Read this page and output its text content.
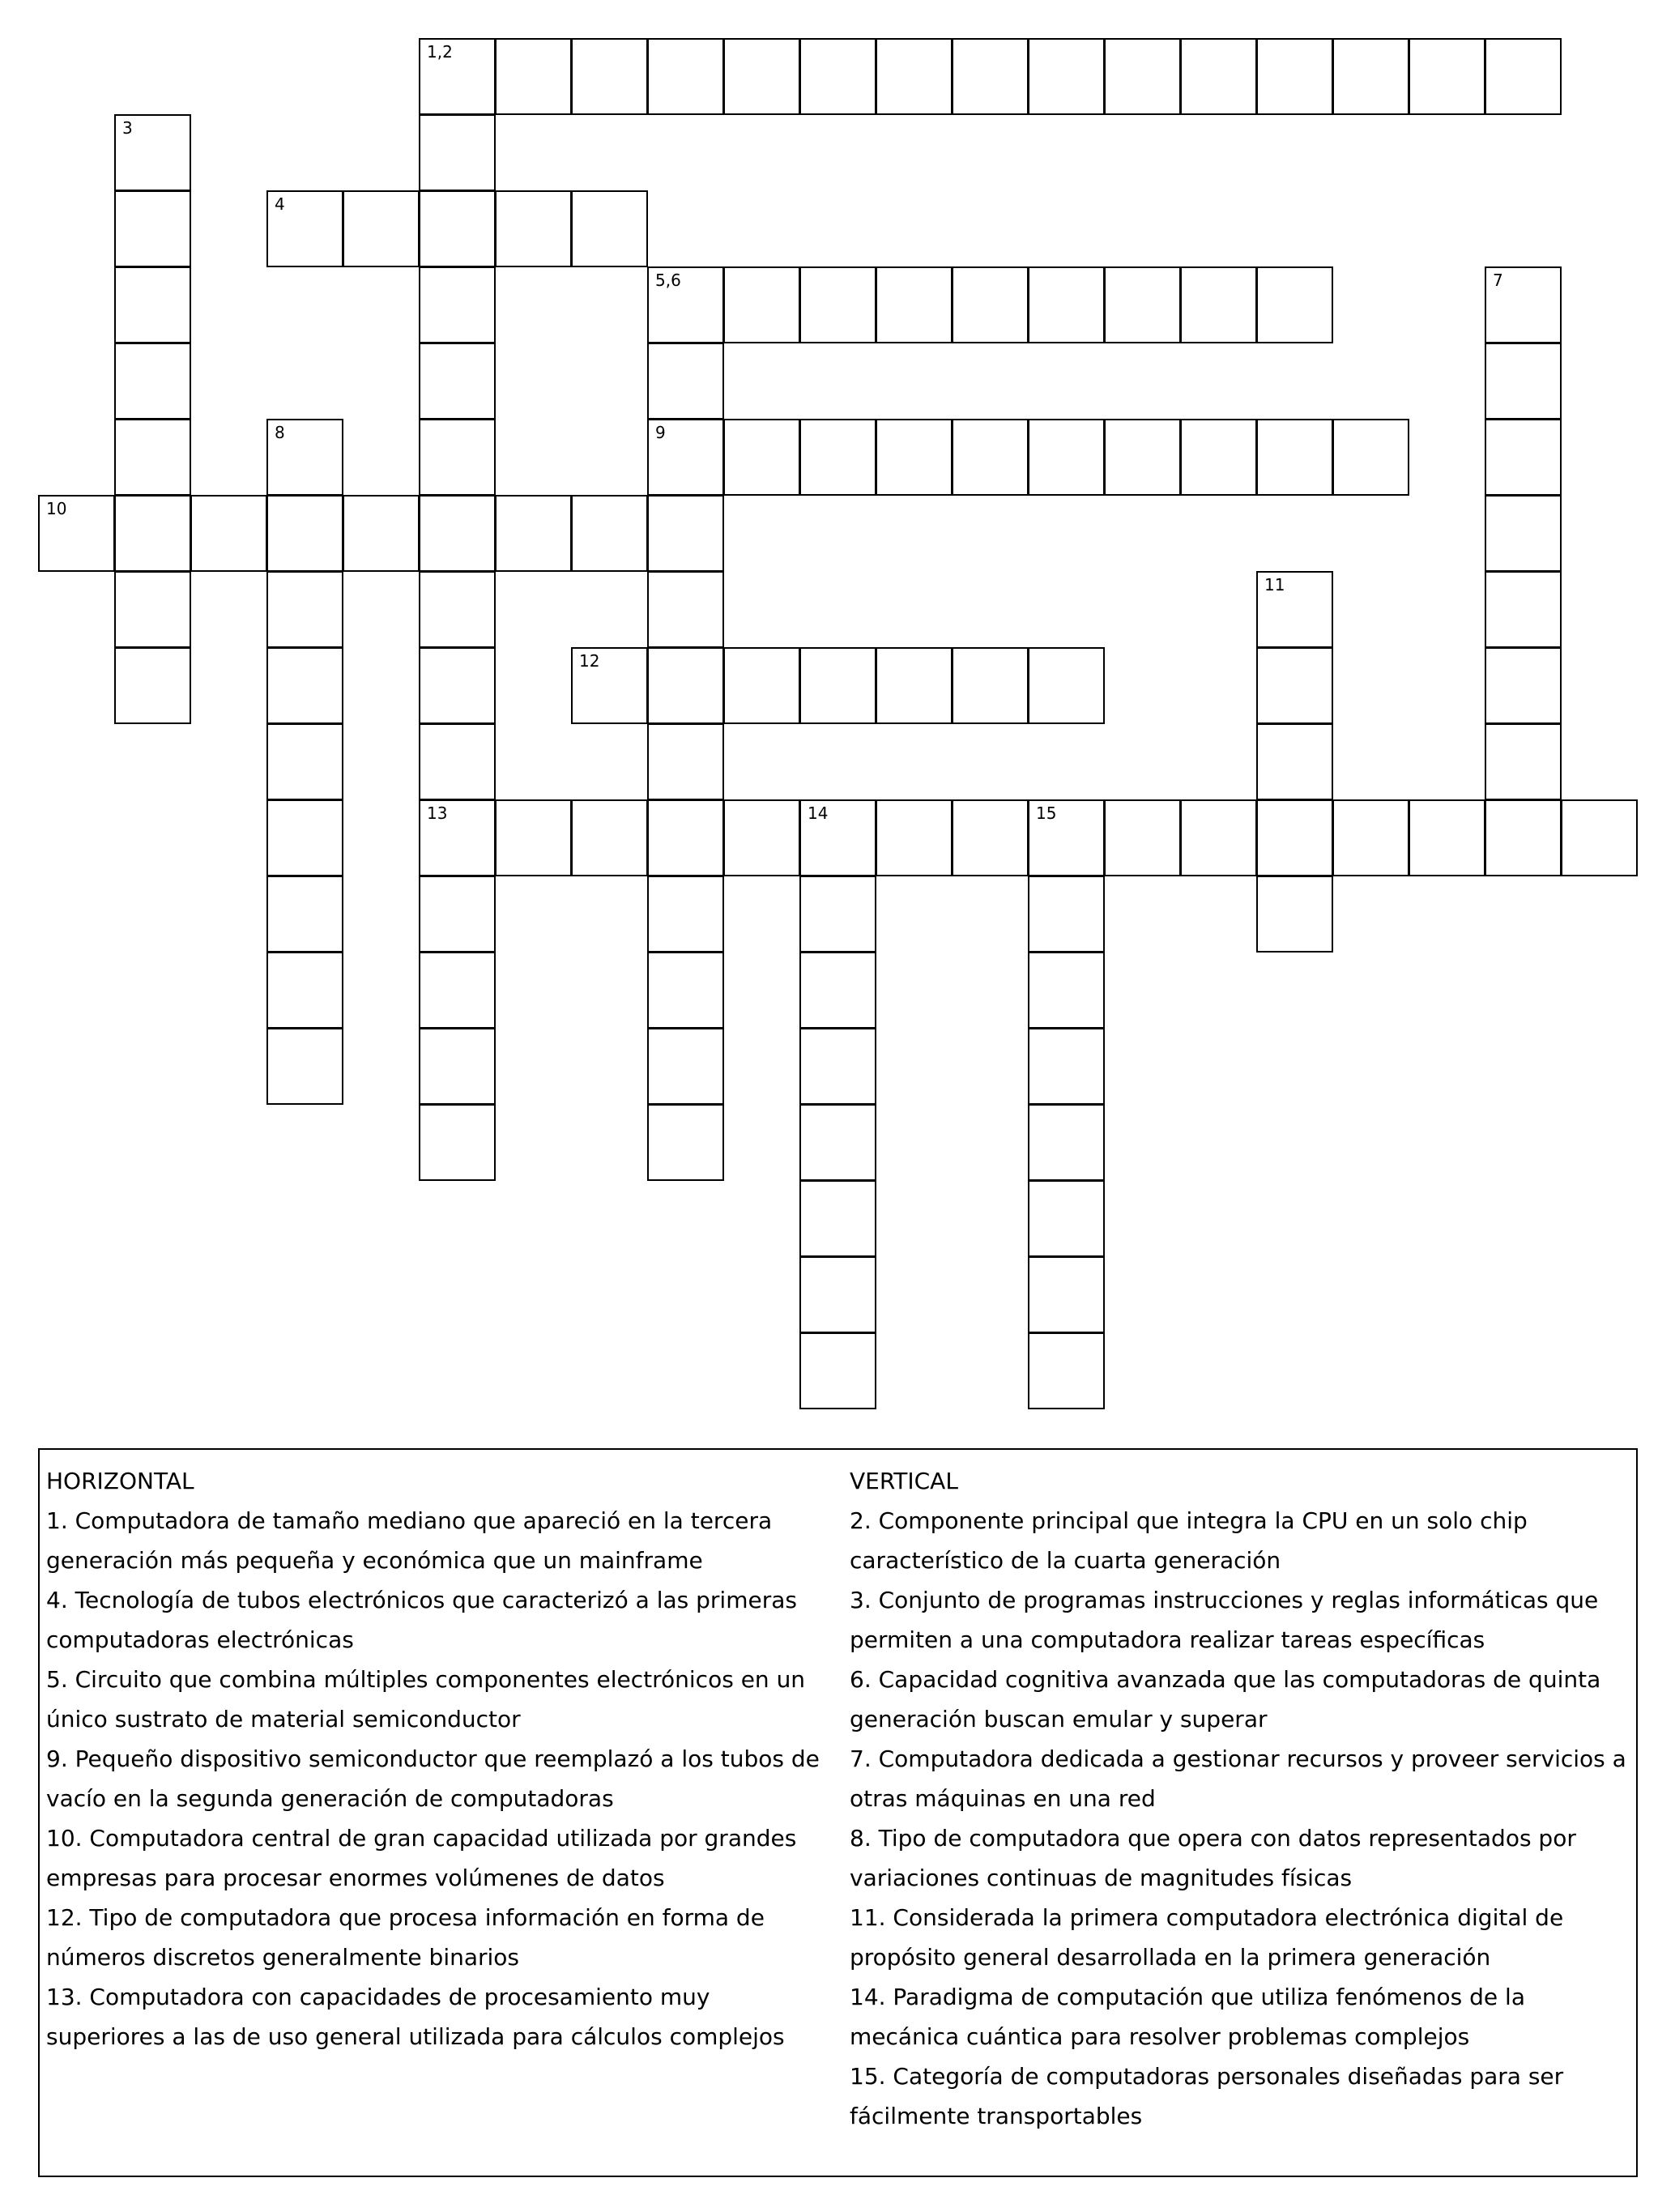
1,2
13
3
4
5,6
9
7
8
10
11
12
14	15
HORIZONTAL

1. Computadora de tamaño mediano que apareció en la tercera generación más pequeña y económica que un mainframe

4. Tecnología de tubos electrónicos que caracterizó a las primeras computadoras electrónicas

5. Circuito que combina múltiples componentes electrónicos en un único sustrato de material semiconductor

9. Pequeño dispositivo semiconductor que reemplazó a los tubos de vacío en la segunda generación de computadoras

10. Computadora central de gran capacidad utilizada por grandes empresas para procesar enormes volúmenes de datos

12. Tipo de computadora que procesa información en forma de números discretos generalmente binarios

13. Computadora con capacidades de procesamiento muy superiores a las de uso general utilizada para cálculos complejos

VERTICAL

2. Componente principal que integra la CPU en un solo chip característico de la cuarta generación

3. Conjunto de programas instrucciones y reglas informáticas que permiten a una computadora realizar tareas específicas

6. Capacidad cognitiva avanzada que las computadoras de quinta generación buscan emular y superar

7. Computadora dedicada a gestionar recursos y proveer servicios a otras máquinas en una red

8. Tipo de computadora que opera con datos representados por variaciones continuas de magnitudes físicas

11. Considerada la primera computadora electrónica digital de propósito general desarrollada en la primera generación

14. Paradigma de computación que utiliza fenómenos de la mecánica cuántica para resolver problemas complejos

15. Categoría de computadoras personales diseñadas para ser fácilmente transportables
